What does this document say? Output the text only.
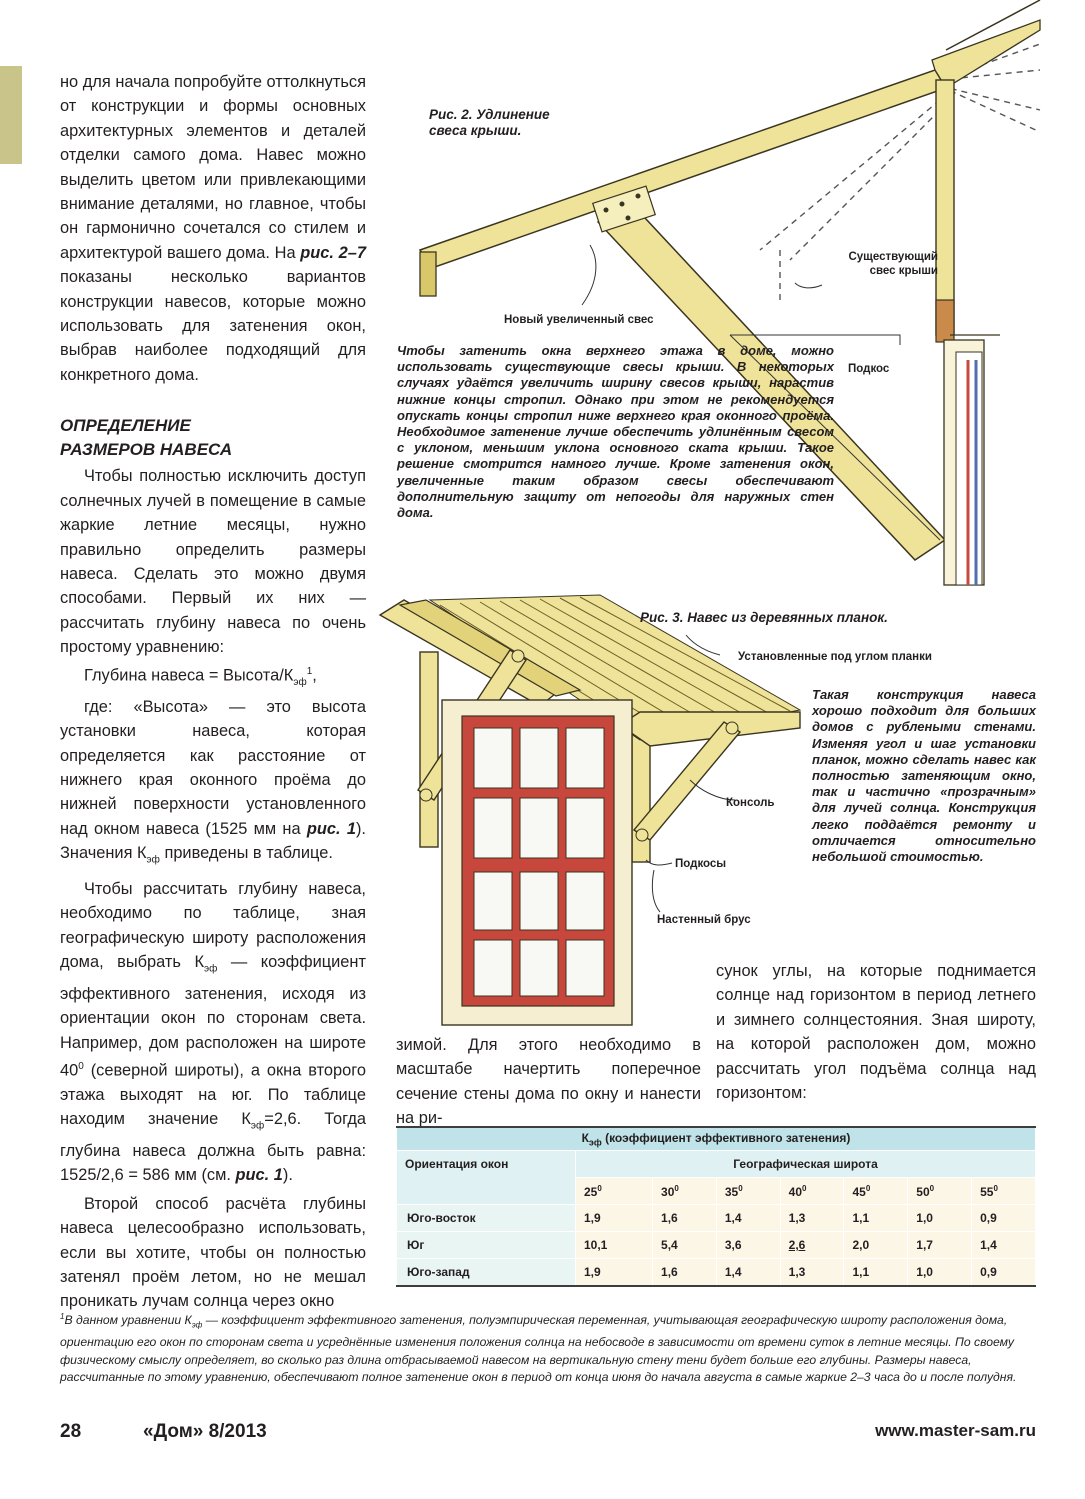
но для начала попробуйте оттолкнуться от конструкции и формы основных архитектурных элементов и деталей отделки самого дома. Навес можно выделить цветом или привлекающими внимание деталями, но главное, чтобы он гармонично сочетался со стилем и архитектурой вашего дома. На рис. 2–7 показаны несколько вариантов конструкции навесов, которые можно использовать для затенения окон, выбрав наиболее подходящий для конкретного дома.

ОПРЕДЕЛЕНИЕ
РАЗМЕРОВ НАВЕСА

Чтобы полностью исключить доступ солнечных лучей в помещение в самые жаркие летние месяцы, нужно правильно определить размеры навеса. Сделать это можно двумя способами. Первый их них — рассчитать глубину навеса по очень простому уравнению:

Глубина навеса = Высота/$К_{эф}^1$,

где: «Высота» — это высота установки навеса, которая определяется как расстояние от нижнего края оконного проёма до нижней поверхности установленного над окном навеса (1525 мм на рис. 1). Значения $К_{эф}$ приведены в таблице.

Чтобы рассчитать глубину навеса, необходимо по таблице, зная географическую широту расположения дома, выбрать $К_{эф}$ — коэффициент эффективного затенения, исходя из ориентации окон по сторонам света. Например, дом расположен на широте $40^0$ (северной широты), а окна второго этажа выходят на юг. По таблице находим значение $К_{эф}=2,6$. Тогда глубина навеса должна быть равна: 1525/2,6 = 586 мм (см. рис. 1).

Второй способ расчёта глубины навеса целесообразно использовать, если вы хотите, чтобы он полностью затенял проём летом, но не мешал проникать лучам солнца через окно

Рис. 2. Удлинение
свеса крыши.
Существующий
свес крыши
Новый увеличенный свес
Подкос
Чтобы затенить окна верхнего этажа в доме, можно использовать существующие свесы крыши. В некоторых случаях удаётся увеличить ширину свесов крыши, нарастив нижние концы стропил. Однако при этом не рекомендуется опускать концы стропил ниже верхнего края оконного проёма. Необходимое затенение лучше обеспечить удлинённым свесом с уклоном, меньшим уклона основного ската крыши. Такое решение смотрится намного лучше. Кроме затенения окон, увеличенные таким образом свесы обеспечивают дополнительную защиту от непогоды для наружных стен дома.
Рис. 3. Навес из деревянных планок.
Установленные под углом планки
Консоль
Подкосы
Настенный брус
Такая конструкция навеса хорошо подходит для больших домов с рублеными стенами. Изменяя угол и шаг установки планок, можно сделать навес как полностью затеняющим окно, так и частично «прозрачным» для лучей солнца. Конструкция легко поддаётся ремонту и отличается относительно небольшой стоимостью.

зимой. Для этого необходимо в масштабе начертить поперечное сечение стены дома по окну и нанести на ри-

сунок углы, на которые поднимается солнце над горизонтом в период летнего и зимнего солнцестояния. Зная широту, на которой расположен дом, можно рассчитать угол подъёма солнца над горизонтом:

$К_{эф}$ (коэффициент эффективного затенения)							
Ориентация окон	Географическая широта						
	$25^0$	$30^0$	$35^0$	$40^0$	$45^0$	$50^0$	$55^0$
Юго-восток	1,9	1,6	1,4	1,3	1,1	1,0	0,9
Юг	10,1	5,4	3,6	2,6	2,0	1,7	1,4
Юго-запад	1,9	1,6	1,4	1,3	1,1	1,0	0,9
$^1$В данном уравнении $К_{эф}$ — коэффициент эффективного затенения, полуэмпирическая переменная, учитывающая географическую широту расположения дома, ориентацию его окон по сторонам света и усреднённые изменения положения солнца на небосводе в зависимости от времени суток в летние месяцы. По своему физическому смыслу определяет, во сколько раз длина отбрасываемой навесом на вертикальную стену тени будет больше его глубины. Размеры навеса, рассчитанные по этому уравнению, обеспечивают полное затенение окон в период от конца июня до начала августа в самые жаркие 2–3 часа до и после полудня.
28	«Дом» 8/2013	www.master-sam.ru
